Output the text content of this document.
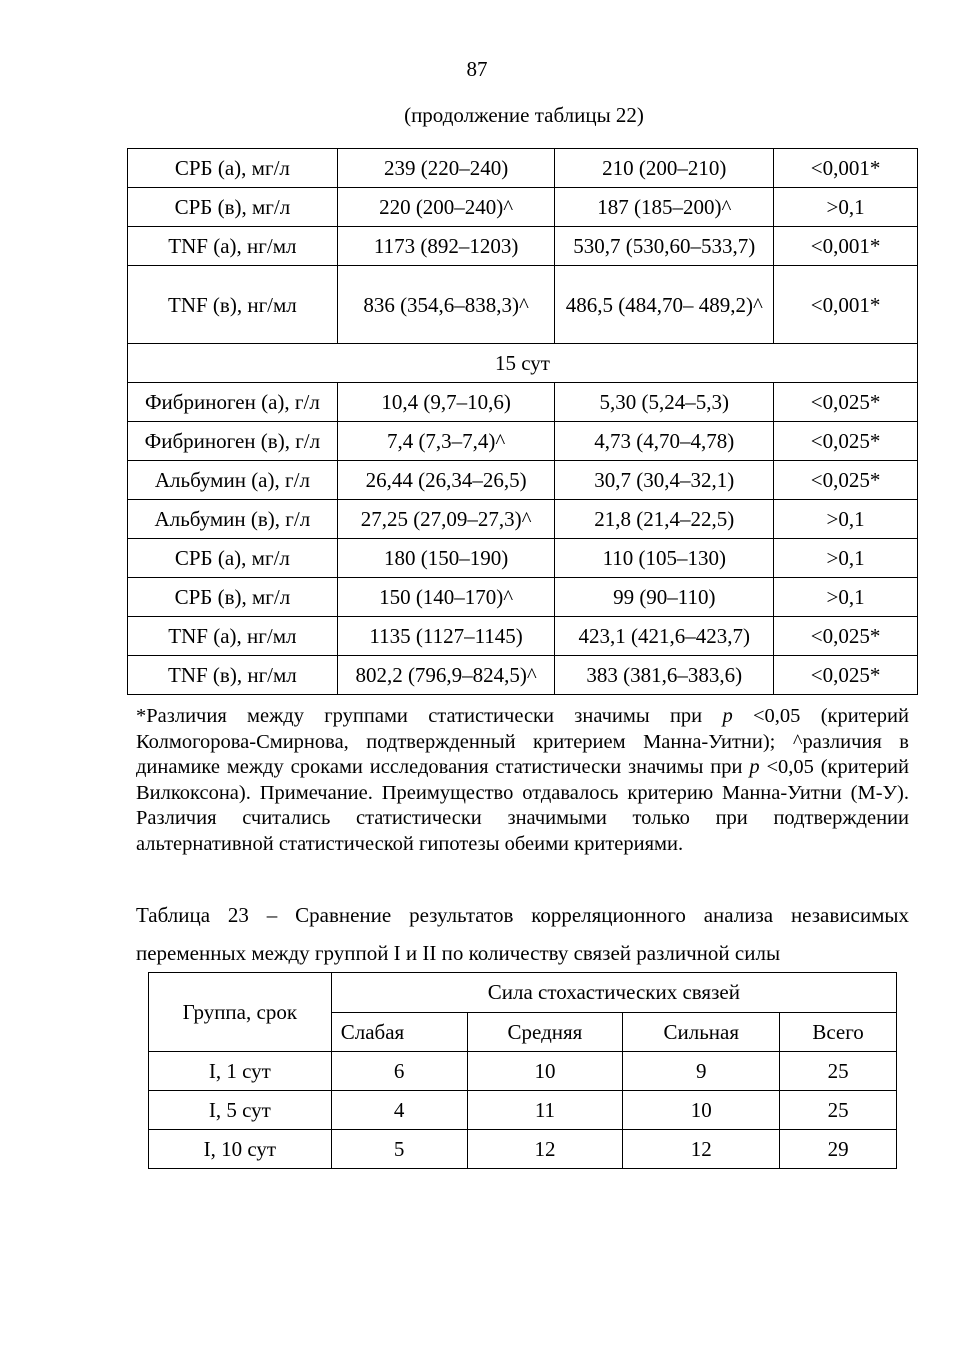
87
(продолжение таблицы 22)
СРБ (а), мг/л	239 (220–240)	210 (200–210)	<0,001*
СРБ (в), мг/л	220 (200–240)^	187 (185–200)^	>0,1
TNF (а), нг/мл	1173 (892–1203)	530,7 (530,60–533,7)	<0,001*
TNF (в), нг/мл	836 (354,6–838,3)^	486,5 (484,70– 489,2)^	<0,001*
15 сут			
Фибриноген (а), г/л	10,4 (9,7–10,6)	5,30 (5,24–5,3)	<0,025*
Фибриноген (в), г/л	7,4 (7,3–7,4)^	4,73 (4,70–4,78)	<0,025*
Альбумин (а), г/л	26,44 (26,34–26,5)	30,7 (30,4–32,1)	<0,025*
Альбумин (в), г/л	27,25 (27,09–27,3)^	21,8 (21,4–22,5)	>0,1
СРБ (а), мг/л	180 (150–190)	110 (105–130)	>0,1
СРБ (в), мг/л	150 (140–170)^	99 (90–110)	>0,1
TNF (а), нг/мл	1135 (1127–1145)	423,1 (421,6–423,7)	<0,025*
TNF (в), нг/мл	802,2 (796,9–824,5)^	383 (381,6–383,6)	<0,025*
*Различия между группами статистически значимы при р <0,05 (критерий Колмогорова-Смирнова, подтвержденный критерием Манна-Уитни); ^различия в динамике между сроками исследования статистически значимы при р <0,05 (критерий Вилкоксона). Примечание. Преимущество отдавалось критерию Манна-Уитни (М-У). Различия считались статистически значимыми только при подтверждении альтернативной статистической гипотезы обеими критериями.
Таблица 23 – Сравнение результатов корреляционного анализа независимых переменных между группой I и II по количеству связей различной силы
Группа, срок	Сила стохастических связей			
	Слабая	Средняя	Сильная	Всего
I, 1 сут	6	10	9	25
I, 5 сут	4	11	10	25
I, 10 сут	5	12	12	29
